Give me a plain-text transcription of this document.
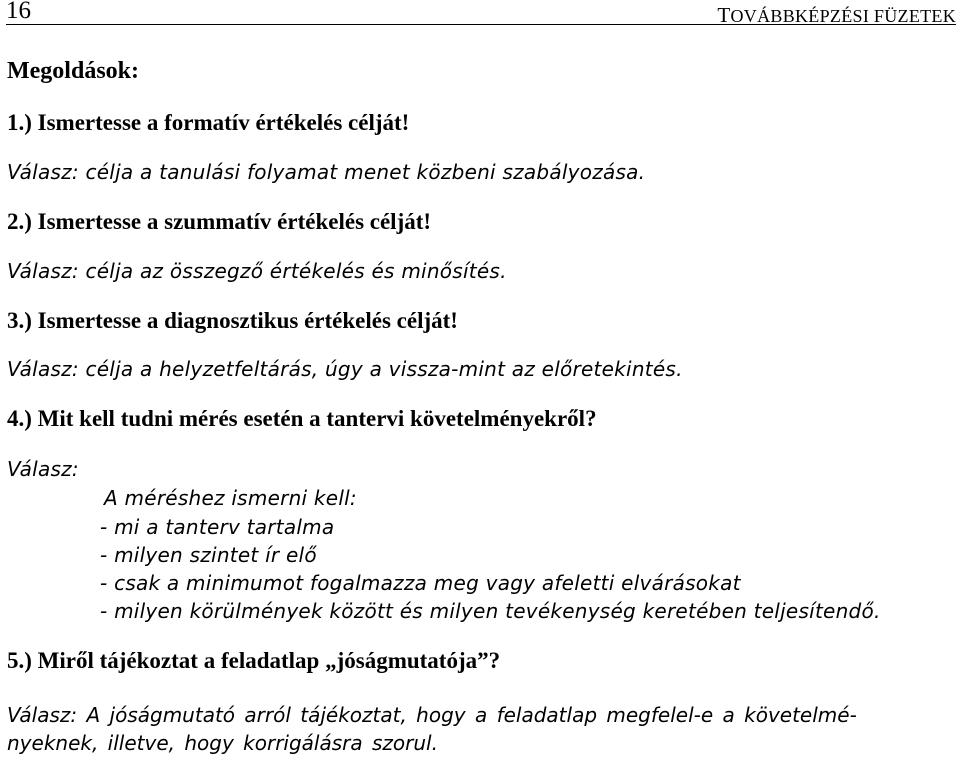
16	TOVÁBBKÉPZÉSI FÜZETEK
Megoldások:
1.) Ismertesse a formatív értékelés célját!
Válasz: célja a tanulási folyamat menet közbeni szabályozása.
2.) Ismertesse a szummatív értékelés célját!
Válasz: célja az összegző értékelés és minősítés.
3.) Ismertesse a diagnosztikus értékelés célját!
Válasz: célja a helyzetfeltárás, úgy a vissza-mint az előretekintés.
4.) Mit kell tudni mérés esetén a tantervi követelményekről?
Válasz:
A méréshez ismerni kell:
- mi a tanterv tartalma
- milyen szintet ír elő
- csak a minimumot fogalmazza meg vagy afeletti elvárásokat
- milyen körülmények között és milyen tevékenység keretében teljesítendő.
5.) Miről tájékoztat a feladatlap „jóságmutatója”?
Válasz: A jóságmutató arról tájékoztat, hogy a feladatlap megfelel-e a követelmé-
nyeknek, illetve, hogy korrigálásra szorul.
